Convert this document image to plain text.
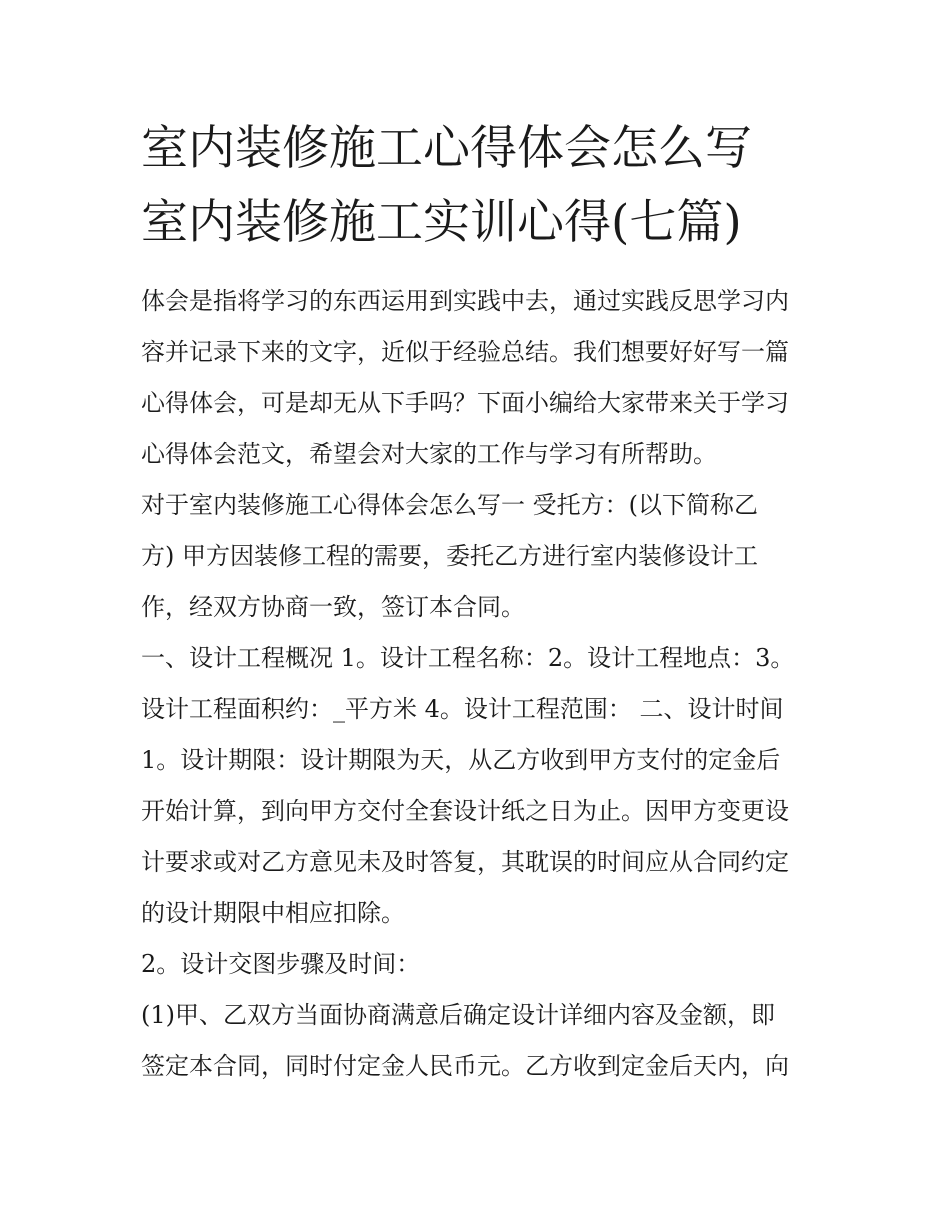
室内装修施工心得体会怎么写
室内装修施工实训心得(七篇)
体会是指将学习的东西运用到实践中去，通过实践反思学习内
容并记录下来的文字，近似于经验总结。我们想要好好写一篇
心得体会，可是却无从下手吗？下面小编给大家带来关于学习
心得体会范文，希望会对大家的工作与学习有所帮助。
对于室内装修施工心得体会怎么写一 受托方：(以下简称乙
方) 甲方因装修工程的需要，委托乙方进行室内装修设计工
作，经双方协商一致，签订本合同。
一、设计工程概况 1。设计工程名称：2。设计工程地点：3。
设计工程面积约：_平方米 4。设计工程范围： 二、设计时间
1。设计期限：设计期限为天，从乙方收到甲方支付的定金后
开始计算，到向甲方交付全套设计纸之日为止。因甲方变更设
计要求或对乙方意见未及时答复，其耽误的时间应从合同约定
的设计期限中相应扣除。
2。设计交图步骤及时间：
(1)甲、乙双方当面协商满意后确定设计详细内容及金额，即
签定本合同，同时付定金人民币元。乙方收到定金后天内，向
